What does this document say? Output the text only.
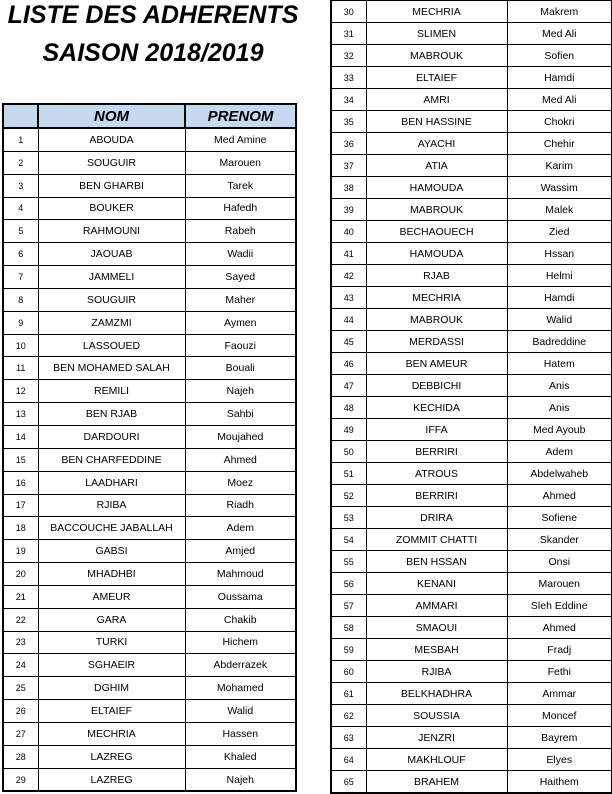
LISTE DES ADHERENTS
SAISON 2018/2019
	NOM	PRENOM
1	ABOUDA	Med Amine
2	SOUGUIR	Marouen
3	BEN GHARBI	Tarek
4	BOUKER	Hafedh
5	RAHMOUNI	Rabeh
6	JAOUAB	Wadii
7	JAMMELI	Sayed
8	SOUGUIR	Maher
9	ZAMZMI	Aymen
10	LASSOUED	Faouzi
11	BEN MOHAMED SALAH	Bouali
12	REMILI	Najeh
13	BEN RJAB	Sahbi
14	DARDOURI	Moujahed
15	BEN CHARFEDDINE	Ahmed
16	LAADHARI	Moez
17	RJIBA	Riadh
18	BACCOUCHE JABALLAH	Adem
19	GABSI	Amjed
20	MHADHBI	Mahmoud
21	AMEUR	Oussama
22	GARA	Chakib
23	TURKI	Hichem
24	SGHAEIR	Abderrazek
25	DGHIM	Mohamed
26	ELTAIEF	Walid
27	MECHRIA	Hassen
28	LAZREG	Khaled
29	LAZREG	Najeh
30	MECHRIA	Makrem
31	SLIMEN	Med Ali
32	MABROUK	Sofien
33	ELTAIEF	Hamdi
34	AMRI	Med Ali
35	BEN HASSINE	Chokri
36	AYACHI	Chehir
37	ATIA	Karim
38	HAMOUDA	Wassim
39	MABROUK	Malek
40	BECHAOUECH	Zied
41	HAMOUDA	Hssan
42	RJAB	Helmi
43	MECHRIA	Hamdi
44	MABROUK	Walid
45	MERDASSI	Badreddine
46	BEN AMEUR	Hatem
47	DEBBICHI	Anis
48	KECHIDA	Anis
49	IFFA	Med Ayoub
50	BERRIRI	Adem
51	ATROUS	Abdelwaheb
52	BERRIRI	Ahmed
53	DRIRA	Sofiene
54	ZOMMIT CHATTI	Skander
55	BEN HSSAN	Onsi
56	KENANI	Marouen
57	AMMARI	Sleh Eddine
58	SMAOUI	Ahmed
59	MESBAH	Fradj
60	RJIBA	Fethi
61	BELKHADHRA	Ammar
62	SOUSSIA	Moncef
63	JENZRI	Bayrem
64	MAKHLOUF	Elyes
65	BRAHEM	Haithem
